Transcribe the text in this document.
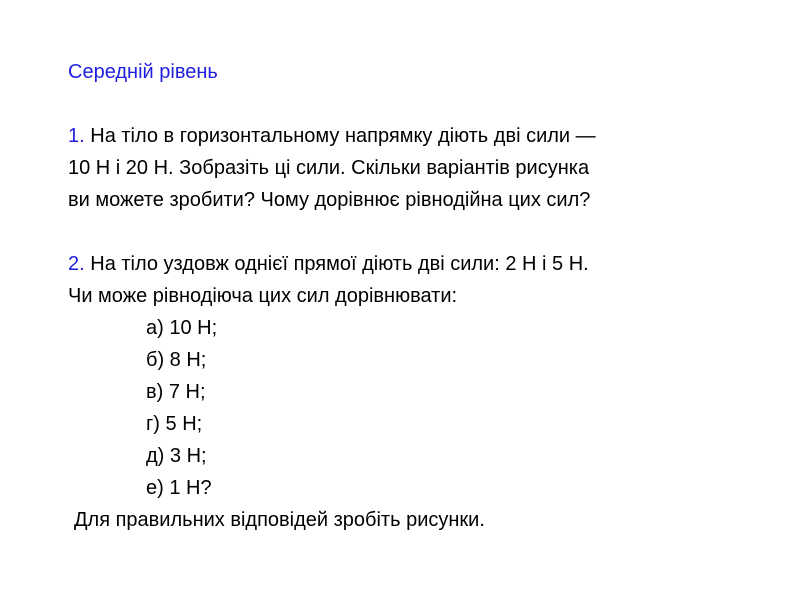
Середній рівень
1. На тіло в горизонтальному напрямку діють дві сили —
10 Н і 20 Н. Зобразіть ці сили. Скільки варіантів рисунка
ви можете зробити? Чому дорівнює рівнодійна цих сил?
2. На тіло уздовж однієї прямої діють дві сили: 2 Н і 5 Н.
Чи може рівнодіюча цих сил дорівнювати:
а) 10 Н;
б) 8 Н;
в) 7 Н;
г) 5 Н;
д) 3 Н;
е) 1 Н?
Для правильних відповідей зробіть рисунки.
